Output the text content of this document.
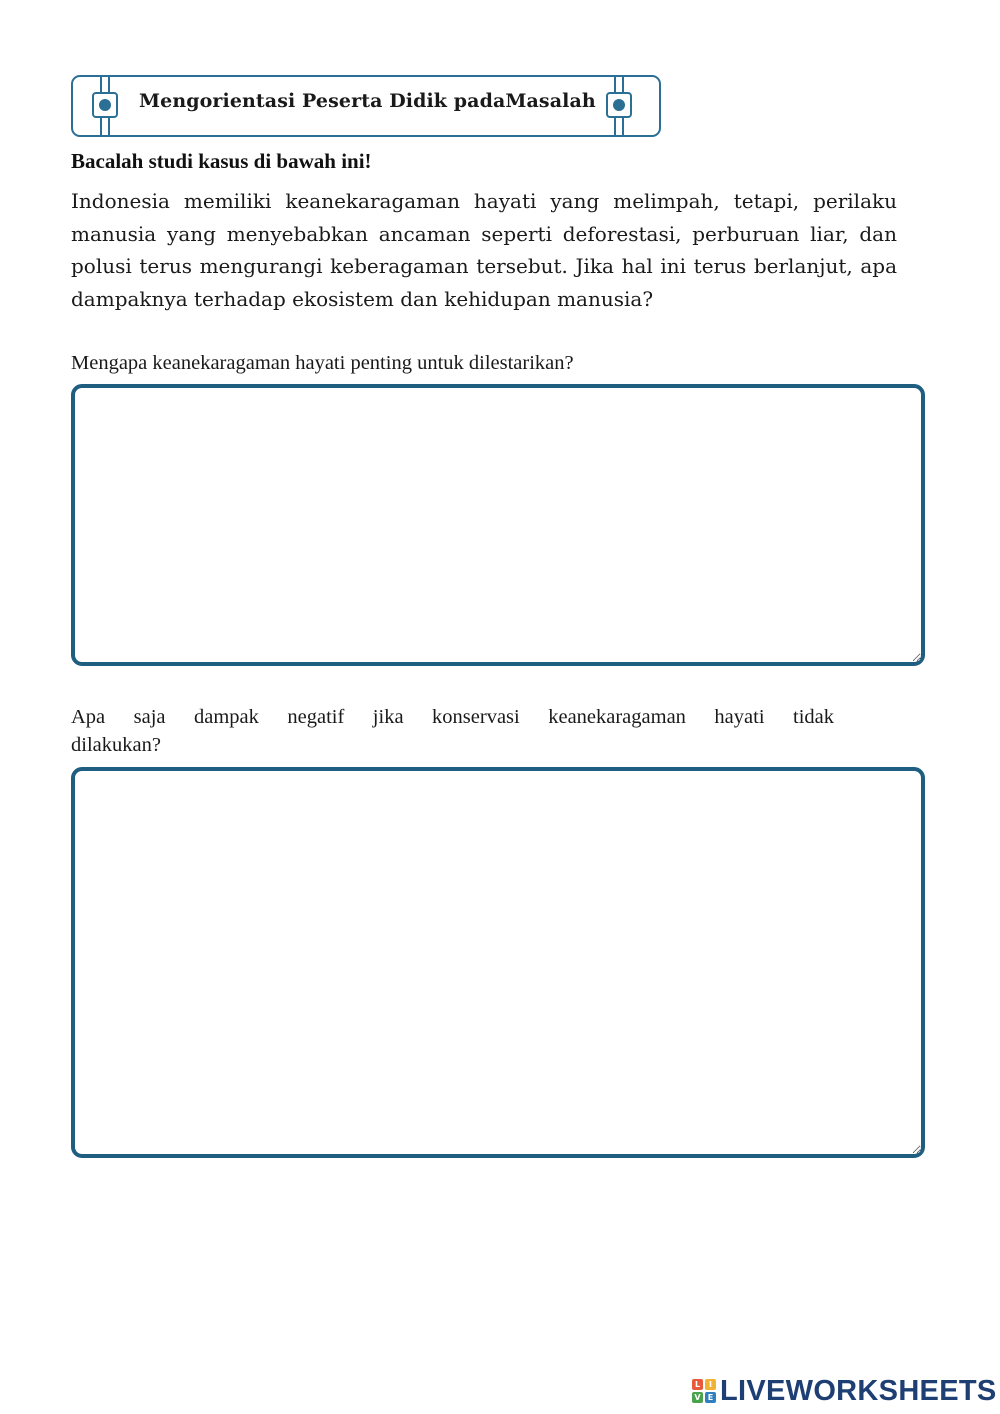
Mengorientasi Peserta Didik padaMasalah
Bacalah studi kasus di bawah ini!

Indonesia memiliki keanekaragaman hayati yang melimpah, tetapi, perilaku manusia yang menyebabkan ancaman seperti deforestasi, perburuan liar, dan polusi terus mengurangi keberagaman tersebut. Jika hal ini terus berlanjut, apa dampaknya terhadap ekosistem dan kehidupan manusia?

Mengapa keanekaragaman hayati penting untuk dilestarikan?

Apa saja dampak negatif jika konservasi keanekaragaman hayati tidak
dilakukan?

L	I
V E LIVEWORKSHEETS
